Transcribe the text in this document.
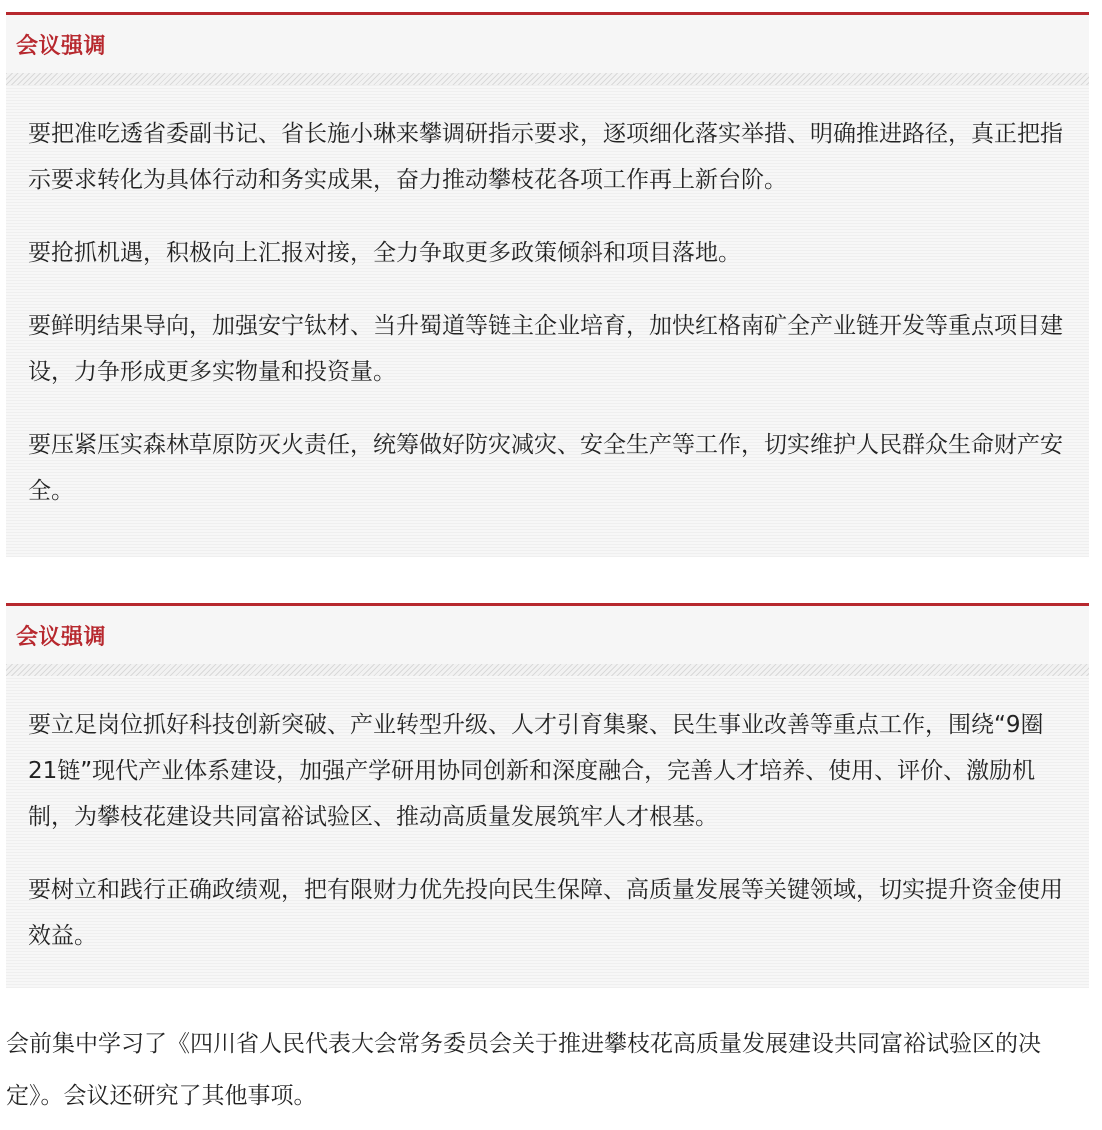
会议强调

要把准吃透省委副书记、省长施小琳来攀调研指示要求，逐项细化落实举措、明确推进路径，真正把指示要求转化为具体行动和务实成果，奋力推动攀枝花各项工作再上新台阶。

要抢抓机遇，积极向上汇报对接，全力争取更多政策倾斜和项目落地。

要鲜明结果导向，加强安宁钛材、当升蜀道等链主企业培育，加快红格南矿全产业链开发等重点项目建设，力争形成更多实物量和投资量。

要压紧压实森林草原防灭火责任，统筹做好防灾减灾、安全生产等工作，切实维护人民群众生命财产安全。

会议强调

要立足岗位抓好科技创新突破、产业转型升级、人才引育集聚、民生事业改善等重点工作，围绕“9圈21链”现代产业体系建设，加强产学研用协同创新和深度融合，完善人才培养、使用、评价、激励机制，为攀枝花建设共同富裕试验区、推动高质量发展筑牢人才根基。

要树立和践行正确政绩观，把有限财力优先投向民生保障、高质量发展等关键领域，切实提升资金使用效益。

会前集中学习了《四川省人民代表大会常务委员会关于推进攀枝花高质量发展建设共同富裕试验区的决定》。会议还研究了其他事项。
